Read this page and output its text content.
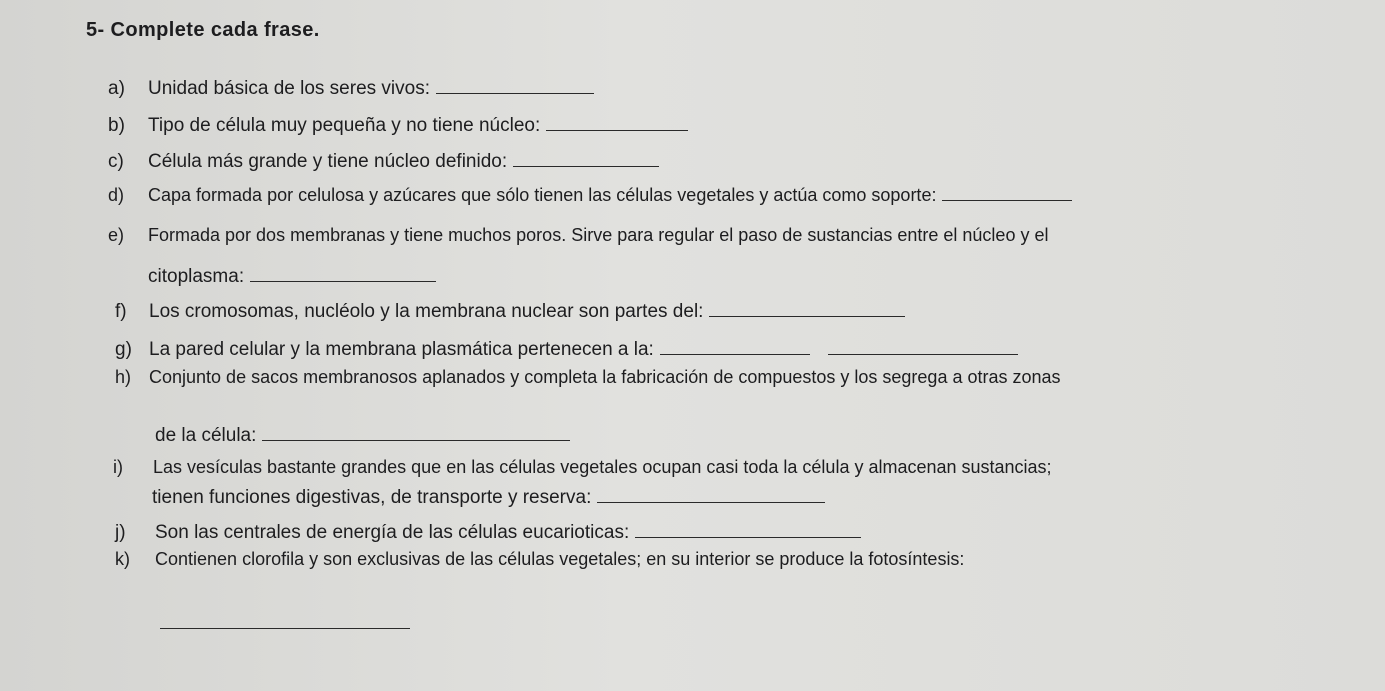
5- Complete cada frase.
a) Unidad básica de los seres vivos:
b) Tipo de célula muy pequeña y no tiene núcleo:
c) Célula más grande y tiene núcleo definido:
d) Capa formada por celulosa y azúcares que sólo tienen las células vegetales y actúa como soporte:
e) Formada por dos membranas y tiene muchos poros. Sirve para regular el paso de sustancias entre el núcleo y el
citoplasma:
f) Los cromosomas, nucléolo y la membrana nuclear son partes del:
g) La pared celular y la membrana plasmática pertenecen a la:
h) Conjunto de sacos membranosos aplanados y completa la fabricación de compuestos y los segrega a otras zonas
de la célula:
i) Las vesículas bastante grandes que en las células vegetales ocupan casi toda la célula y almacenan sustancias;
tienen funciones digestivas, de transporte y reserva:
j) Son las centrales de energía de las células eucarioticas:
k) Contienen clorofila y son exclusivas de las células vegetales; en su interior se produce la fotosíntesis:
